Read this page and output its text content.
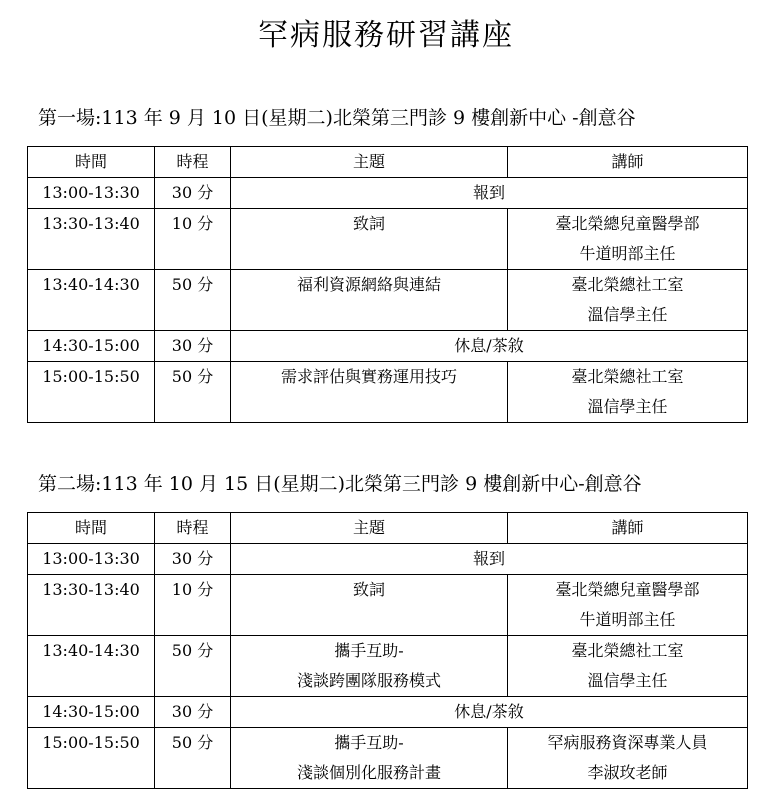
罕病服務研習講座
第一場:113 年 9 月 10 日(星期二)北榮第三門診 9 樓創新中心 -創意谷
時間	時程	主題	講師
13:00-13:30	30 分	報到	
13:30-13:40	10 分	致詞	臺北榮總兒童醫學部
牛道明部主任

13:40-14:30	50 分	福利資源網絡與連結	臺北榮總社工室
溫信學主任

14:30-15:00	30 分	休息/茶敘	
15:00-15:50	50 分	需求評估與實務運用技巧	臺北榮總社工室
溫信學主任
第二場:113 年 10 月 15 日(星期二)北榮第三門診 9 樓創新中心-創意谷
時間	時程	主題	講師
13:00-13:30	30 分	報到	
13:30-13:40	10 分	致詞	臺北榮總兒童醫學部
牛道明部主任

13:40-14:30	50 分	攜手互助-
淺談跨團隊服務模式	臺北榮總社工室
溫信學主任

14:30-15:00	30 分	休息/茶敘	
15:00-15:50	50 分	攜手互助-
淺談個別化服務計畫	罕病服務資深專業人員
李淑玫老師
